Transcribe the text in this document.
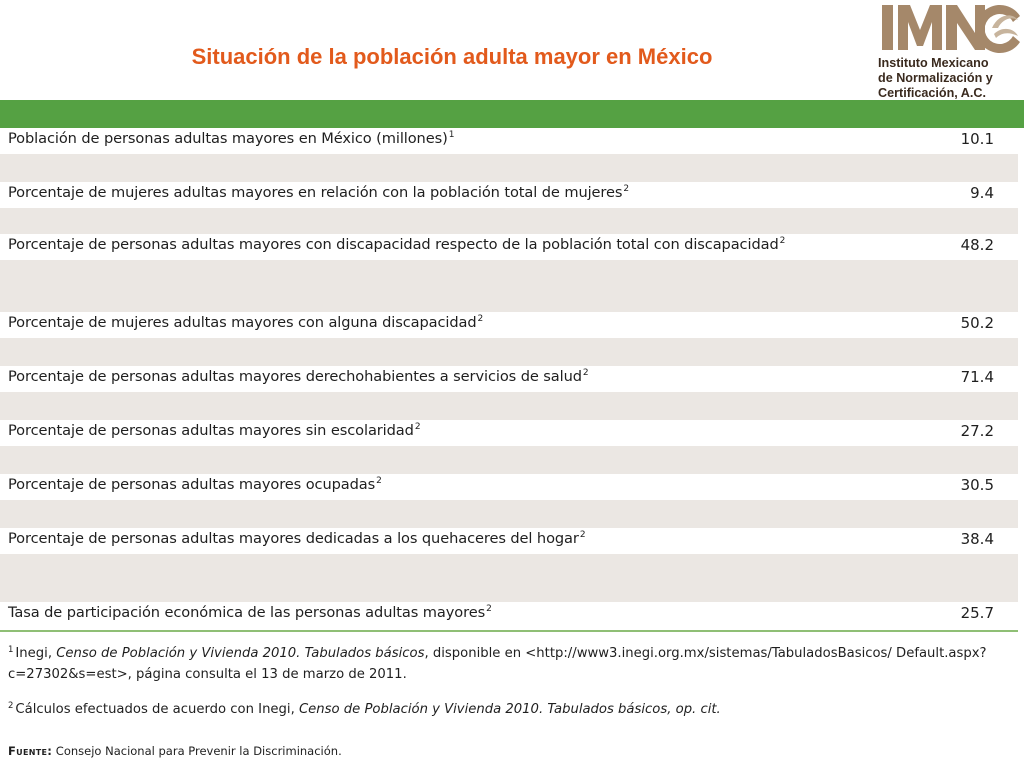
Situación de la población adulta mayor en México	Instituto Mexicano
de Normalización y
Certificación, A.C.
Población de personas adultas mayores en México (millones)$^1$	10.1
Porcentaje de mujeres adultas mayores en relación con la población total de mujeres$^2$	9.4
Porcentaje de personas adultas mayores con discapacidad respecto de la población total con discapacidad$^2$	48.2
Porcentaje de mujeres adultas mayores con alguna discapacidad$^2$	50.2
Porcentaje de personas adultas mayores derechohabientes a servicios de salud$^2$	71.4
Porcentaje de personas adultas mayores sin escolaridad$^2$	27.2
Porcentaje de personas adultas mayores ocupadas$^2$	30.5
Porcentaje de personas adultas mayores dedicadas a los quehaceres del hogar$^2$	38.4
Tasa de participación económica de las personas adultas mayores$^2$	25.7
$^1$ Inegi, Censo de Población y Vivienda 2010. Tabulados básicos, disponible en <http://www3.inegi.org.mx/sistemas/TabuladosBasicos/ Default.aspx?c=27302&s=est>, página consulta el 13 de marzo de 2011.
$^2$ Cálculos efectuados de acuerdo con Inegi, Censo de Población y Vivienda 2010. Tabulados básicos, op. cit.
Fuente: Consejo Nacional para Prevenir la Discriminación.
